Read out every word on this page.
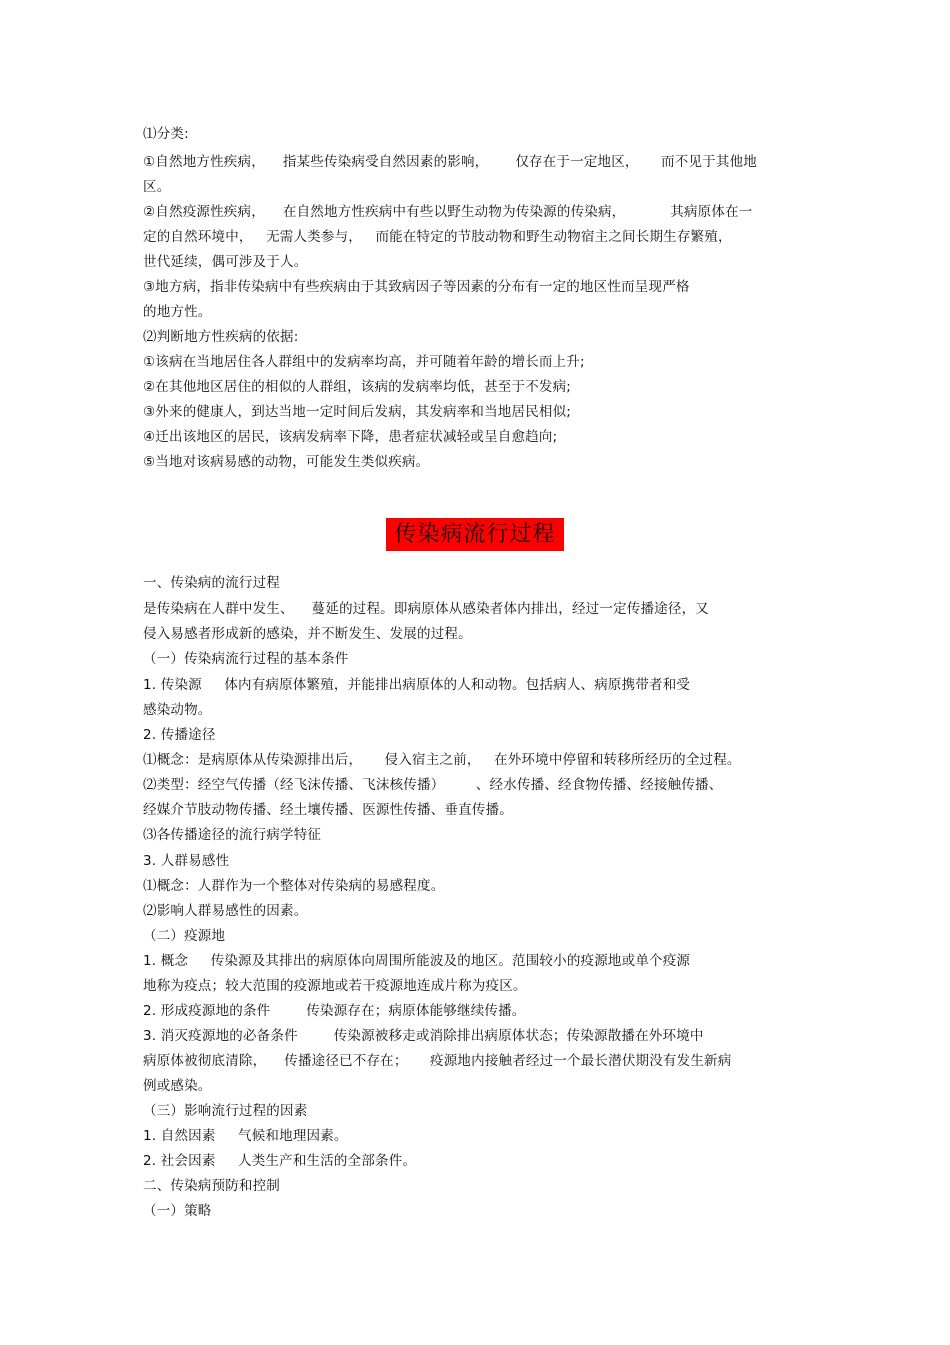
⑴分类:
①自然地方性疾病，    指某些传染病受自然因素的影响，      仅存在于一定地区，     而不见于其他地
区。
②自然疫源性疾病，    在自然地方性疾病中有些以野生动物为传染源的传染病，          其病原体在一
定的自然环境中，   无需人类参与，   而能在特定的节肢动物和野生动物宿主之间长期生存繁殖，
世代延续，偶可涉及于人。
③地方病，指非传染病中有些疾病由于其致病因子等因素的分布有一定的地区性而呈现严格
的地方性。
⑵判断地方性疾病的依据:
①该病在当地居住各人群组中的发病率均高，并可随着年龄的增长而上升;
②在其他地区居住的相似的人群组，该病的发病率均低，甚至于不发病;
③外来的健康人，到达当地一定时间后发病，其发病率和当地居民相似;
④迁出该地区的居民，该病发病率下降，患者症状减轻或呈自愈趋向;
⑤当地对该病易感的动物，可能发生类似疾病。
传染病流行过程
一、传染病的流行过程
是传染病在人群中发生、    蔓延的过程。即病原体从感染者体内排出，经过一定传播途径，又
侵入易感者形成新的感染，并不断发生、发展的过程。
（一）传染病流行过程的基本条件
1. 传染源     体内有病原体繁殖，并能排出病原体的人和动物。包括病人、病原携带者和受
感染动物。
2. 传播途径
⑴概念：是病原体从传染源排出后，     侵入宿主之前，   在外环境中停留和转移所经历的全过程。
⑵类型：经空气传播（经飞沫传播、飞沫核传播）       、经水传播、经食物传播、经接触传播、
经媒介节肢动物传播、经土壤传播、医源性传播、垂直传播。
⑶各传播途径的流行病学特征
3. 人群易感性
⑴概念：人群作为一个整体对传染病的易感程度。
⑵影响人群易感性的因素。
（二）疫源地
1. 概念     传染源及其排出的病原体向周围所能波及的地区。范围较小的疫源地或单个疫源
地称为疫点；较大范围的疫源地或若干疫源地连成片称为疫区。
2. 形成疫源地的条件        传染源存在；病原体能够继续传播。
3. 消灭疫源地的必备条件        传染源被移走或消除排出病原体状态；传染源散播在外环境中
病原体被彻底清除，    传播途径已不存在；     疫源地内接触者经过一个最长潜伏期没有发生新病
例或感染。
（三）影响流行过程的因素
1. 自然因素     气候和地理因素。
2. 社会因素     人类生产和生活的全部条件。
二、传染病预防和控制
（一）策略
